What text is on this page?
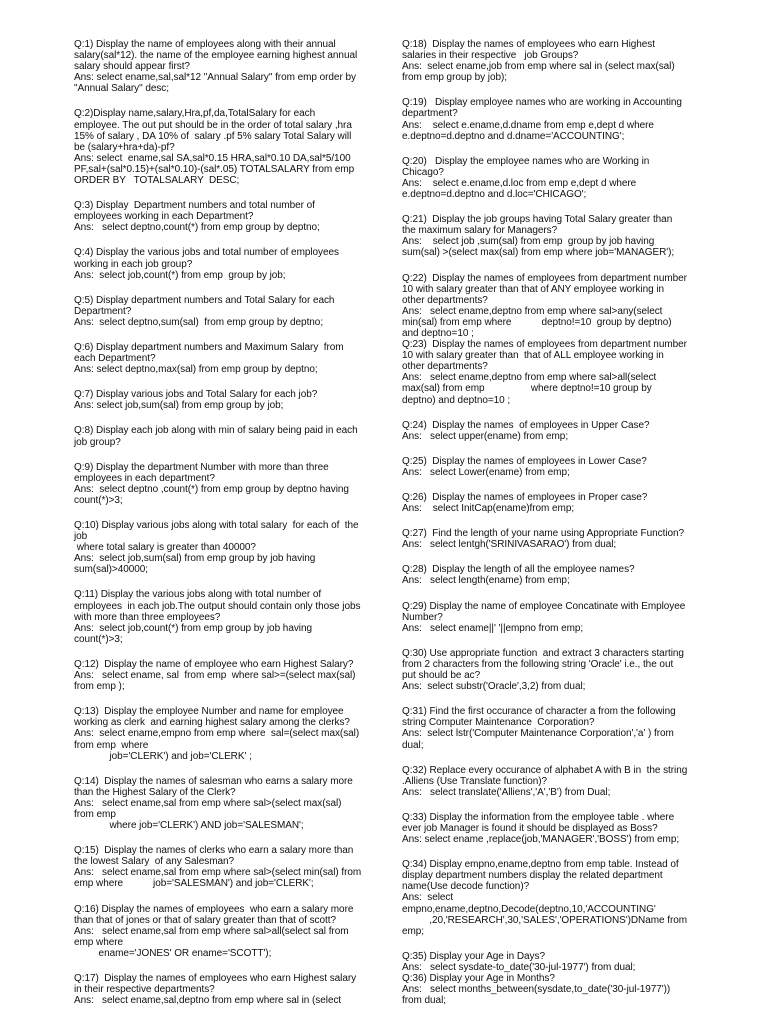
Q:1) Display the name of employees along with their annual
salary(sal*12). the name of the employee earning highest annual
salary should appear first?
Ans: select ename,sal,sal*12 "Annual Salary" from emp order by
"Annual Salary" desc;
Q:2)Display name,salary,Hra,pf,da,TotalSalary for each
employee. The out put should be in the order of total salary ,hra
15% of salary , DA 10% of  salary .pf 5% salary Total Salary will
be (salary+hra+da)-pf?
Ans: select  ename,sal SA,sal*0.15 HRA,sal*0.10 DA,sal*5/100
PF,sal+(sal*0.15)+(sal*0.10)-(sal*.05) TOTALSALARY from emp
ORDER BY   TOTALSALARY  DESC;
Q:3) Display  Department numbers and total number of
employees working in each Department?
Ans:   select deptno,count(*) from emp group by deptno;
Q:4) Display the various jobs and total number of employees
working in each job group?
Ans:  select job,count(*) from emp  group by job;
Q:5) Display department numbers and Total Salary for each
Department?
Ans:  select deptno,sum(sal)  from emp group by deptno;
Q:6) Display department numbers and Maximum Salary  from
each Department?
Ans: select deptno,max(sal) from emp group by deptno;
Q:7) Display various jobs and Total Salary for each job?
Ans: select job,sum(sal) from emp group by job;
Q:8) Display each job along with min of salary being paid in each
job group?
Q:9) Display the department Number with more than three
employees in each department?
Ans:  select deptno ,count(*) from emp group by deptno having
count(*)>3;
Q:10) Display various jobs along with total salary  for each of  the
job
where total salary is greater than 40000?
Ans:  select job,sum(sal) from emp group by job having
sum(sal)>40000;
Q:11) Display the various jobs along with total number of
employees  in each job.The output should contain only those jobs
with more than three employees?
Ans:  select job,count(*) from emp group by job having
count(*)>3;
Q:12)  Display the name of employee who earn Highest Salary?
Ans:   select ename, sal  from emp  where sal>=(select max(sal)
from emp );
Q:13)  Display the employee Number and name for employee
working as clerk  and earning highest salary among the clerks?
Ans:  select ename,empno from emp where  sal=(select max(sal)
from emp  where
job='CLERK') and job='CLERK' ;
Q:14)  Display the names of salesman who earns a salary more
than the Highest Salary of the Clerk?
Ans:   select ename,sal from emp where sal>(select max(sal)
from emp
where job='CLERK') AND job='SALESMAN';
Q:15)  Display the names of clerks who earn a salary more than
the lowest Salary  of any Salesman?
Ans:   select ename,sal from emp where sal>(select min(sal) from
emp where           job='SALESMAN') and job='CLERK';
Q:16) Display the names of employees  who earn a salary more
than that of jones or that of salary greater than that of scott?
Ans:   select ename,sal from emp where sal>all(select sal from
emp where
ename='JONES' OR ename='SCOTT');
Q:17)  Display the names of employees who earn Highest salary
in their respective departments?
Ans:   select ename,sal,deptno from emp where sal in (select
Q:18)  Display the names of employees who earn Highest
salaries in their respective   job Groups?
Ans:  select ename,job from emp where sal in (select max(sal)
from emp group by job);
Q:19)   Display employee names who are working in Accounting
department?
Ans:    select e.ename,d.dname from emp e,dept d where
e.deptno=d.deptno and d.dname='ACCOUNTING';
Q:20)   Display the employee names who are Working in
Chicago?
Ans:    select e.ename,d.loc from emp e,dept d where
e.deptno=d.deptno and d.loc='CHICAGO';
Q:21)  Display the job groups having Total Salary greater than
the maximum salary for Managers?
Ans:    select job ,sum(sal) from emp  group by job having
sum(sal) >(select max(sal) from emp where job='MANAGER');
Q:22)  Display the names of employees from department number
10 with salary greater than that of ANY employee working in
other departments?
Ans:   select ename,deptno from emp where sal>any(select
min(sal) from emp where           deptno!=10  group by deptno)
and deptno=10 ;
Q:23)  Display the names of employees from department number
10 with salary greater than  that of ALL employee working in
other departments?
Ans:   select ename,deptno from emp where sal>all(select
max(sal) from emp                 where deptno!=10 group by
deptno) and deptno=10 ;
Q:24)  Display the names  of employees in Upper Case?
Ans:   select upper(ename) from emp;
Q:25)  Display the names of employees in Lower Case?
Ans:   select Lower(ename) from emp;
Q:26)  Display the names of employees in Proper case?
Ans:    select InitCap(ename)from emp;
Q:27)  Find the length of your name using Appropriate Function?
Ans:   select lentgh('SRINIVASARAO') from dual;
Q:28)  Display the length of all the employee names?
Ans:   select length(ename) from emp;
Q:29) Display the name of employee Concatinate with Employee
Number?
Ans:   select ename||' '||empno from emp;
Q:30) Use appropriate function  and extract 3 characters starting
from 2 characters from the following string 'Oracle' i.e., the out
put should be ac?
Ans:  select substr('Oracle',3,2) from dual;
Q:31) Find the first occurance of character a from the following
string Computer Maintenance  Corporation?
Ans:  select lstr('Computer Maintenance Corporation','a' ) from
dual;
Q:32) Replace every occurance of alphabet A with B in  the string
.Alliens (Use Translate function)?
Ans:   select translate('Alliens','A','B') from Dual;
Q:33) Display the information from the employee table . where
ever job Manager is found it should be displayed as Boss?
Ans: select ename ,replace(job,'MANAGER','BOSS') from emp;
Q:34) Display empno,ename,deptno from emp table. Instead of
display department numbers display the related department
name(Use decode function)?
Ans:  select
empno,ename,deptno,Decode(deptno,10,'ACCOUNTING'
,20,'RESEARCH',30,'SALES','OPERATIONS')DName from
emp;
Q:35) Display your Age in Days?
Ans:   select sysdate-to_date('30-jul-1977') from dual;
Q:36) Display your Age in Months?
Ans:   select months_between(sysdate,to_date('30-jul-1977'))
from dual;
